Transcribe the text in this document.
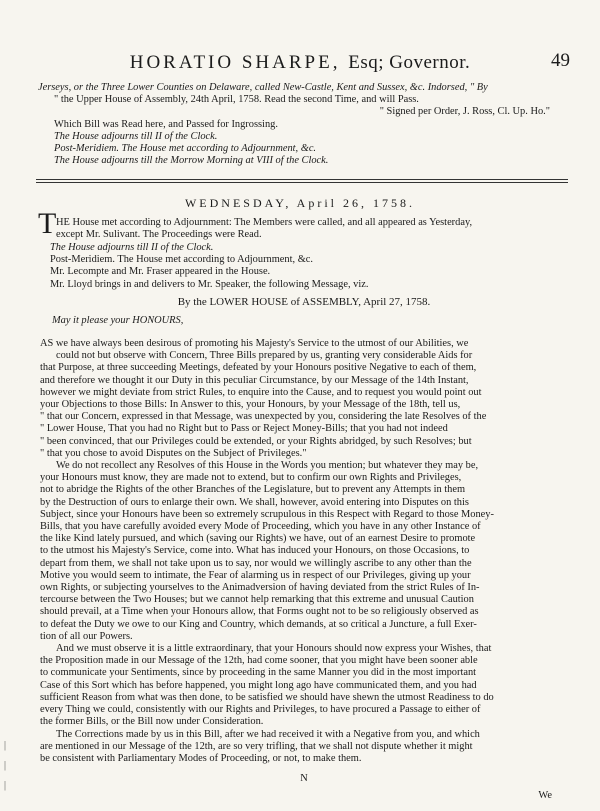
HORATIO SHARPE, Esq; Governor.	49
Jerseys, or the Three Lower Counties on Delaware, called New-Castle, Kent and Sussex, &c. Indorsed, " By
" the Upper House of Assembly, 24th April, 1758. Read the second Time, and will Pass.
" Signed per Order, J. Ross, Cl. Up. Ho."
Which Bill was Read here, and Passed for Ingrossing.
The House adjourns till II of the Clock.
Post-Meridiem. The House met according to Adjournment, &c.
The House adjourns till the Morrow Morning at VIII of the Clock.
WEDNESDAY, April 26, 1758.
T HE House met according to Adjournment: The Members were called, and all appeared as Yesterday,
except Mr. Sulivant. The Proceedings were Read.
The House adjourns till II of the Clock.
Post-Meridiem. The House met according to Adjournment, &c.
Mr. Lecompte and Mr. Fraser appeared in the House.
Mr. Lloyd brings in and delivers to Mr. Speaker, the following Message, viz.
By the LOWER HOUSE of ASSEMBLY, April 27, 1758.
May it please your HONOURS,
AS we have always been desirous of promoting his Majesty's Service to the utmost of our Abilities, we
could not but observe with Concern, Three Bills prepared by us, granting very considerable Aids for
that Purpose, at three succeeding Meetings, defeated by your Honours positive Negative to each of them,
and therefore we thought it our Duty in this peculiar Circumstance, by our Message of the 14th Instant,
however we might deviate from strict Rules, to enquire into the Cause, and to request you would point out
your Objections to those Bills: In Answer to this, your Honours, by your Message of the 18th, tell us,
" that our Concern, expressed in that Message, was unexpected by you, considering the late Resolves of the
" Lower House, That you had no Right but to Pass or Reject Money-Bills; that you had not indeed
" been convinced, that our Privileges could be extended, or your Rights abridged, by such Resolves; but
" that you chose to avoid Disputes on the Subject of Privileges."
We do not recollect any Resolves of this House in the Words you mention; but whatever they may be,
your Honours must know, they are made not to extend, but to confirm our own Rights and Privileges,
not to abridge the Rights of the other Branches of the Legislature, but to prevent any Attempts in them
by the Destruction of ours to enlarge their own. We shall, however, avoid entering into Disputes on this
Subject, since your Honours have been so extremely scrupulous in this Respect with Regard to those Money-
Bills, that you have carefully avoided every Mode of Proceeding, which you have in any other Instance of
the like Kind lately pursued, and which (saving our Rights) we have, out of an earnest Desire to promote
to the utmost his Majesty's Service, come into. What has induced your Honours, on those Occasions, to
depart from them, we shall not take upon us to say, nor would we willingly ascribe to any other than the
Motive you would seem to intimate, the Fear of alarming us in respect of our Privileges, giving up your
own Rights, or subjecting yourselves to the Animadversion of having deviated from the strict Rules of In-
tercourse between the Two Houses; but we cannot help remarking that this extreme and unusual Caution
should prevail, at a Time when your Honours allow, that Forms ought not to be so religiously observed as
to defeat the Duty we owe to our King and Country, which demands, at so critical a Juncture, a full Exer-
tion of all our Powers.
And we must observe it is a little extraordinary, that your Honours should now express your Wishes, that
the Proposition made in our Message of the 12th, had come sooner, that you might have been sooner able
to communicate your Sentiments, since by proceeding in the same Manner you did in the most important
Case of this Sort which has before happened, you might long ago have communicated them, and you had
sufficient Reason from what was then done, to be satisfied we should have shewn the utmost Readiness to do
every Thing we could, consistently with our Rights and Privileges, to have procured a Passage to either of
the former Bills, or the Bill now under Consideration.
The Corrections made by us in this Bill, after we had received it with a Negative from you, and which
are mentioned in our Message of the 12th, are so very trifling, that we shall not dispute whether it might
be consistent with Parliamentary Modes of Proceeding, or not, to make them.
N
We
|
|
|
